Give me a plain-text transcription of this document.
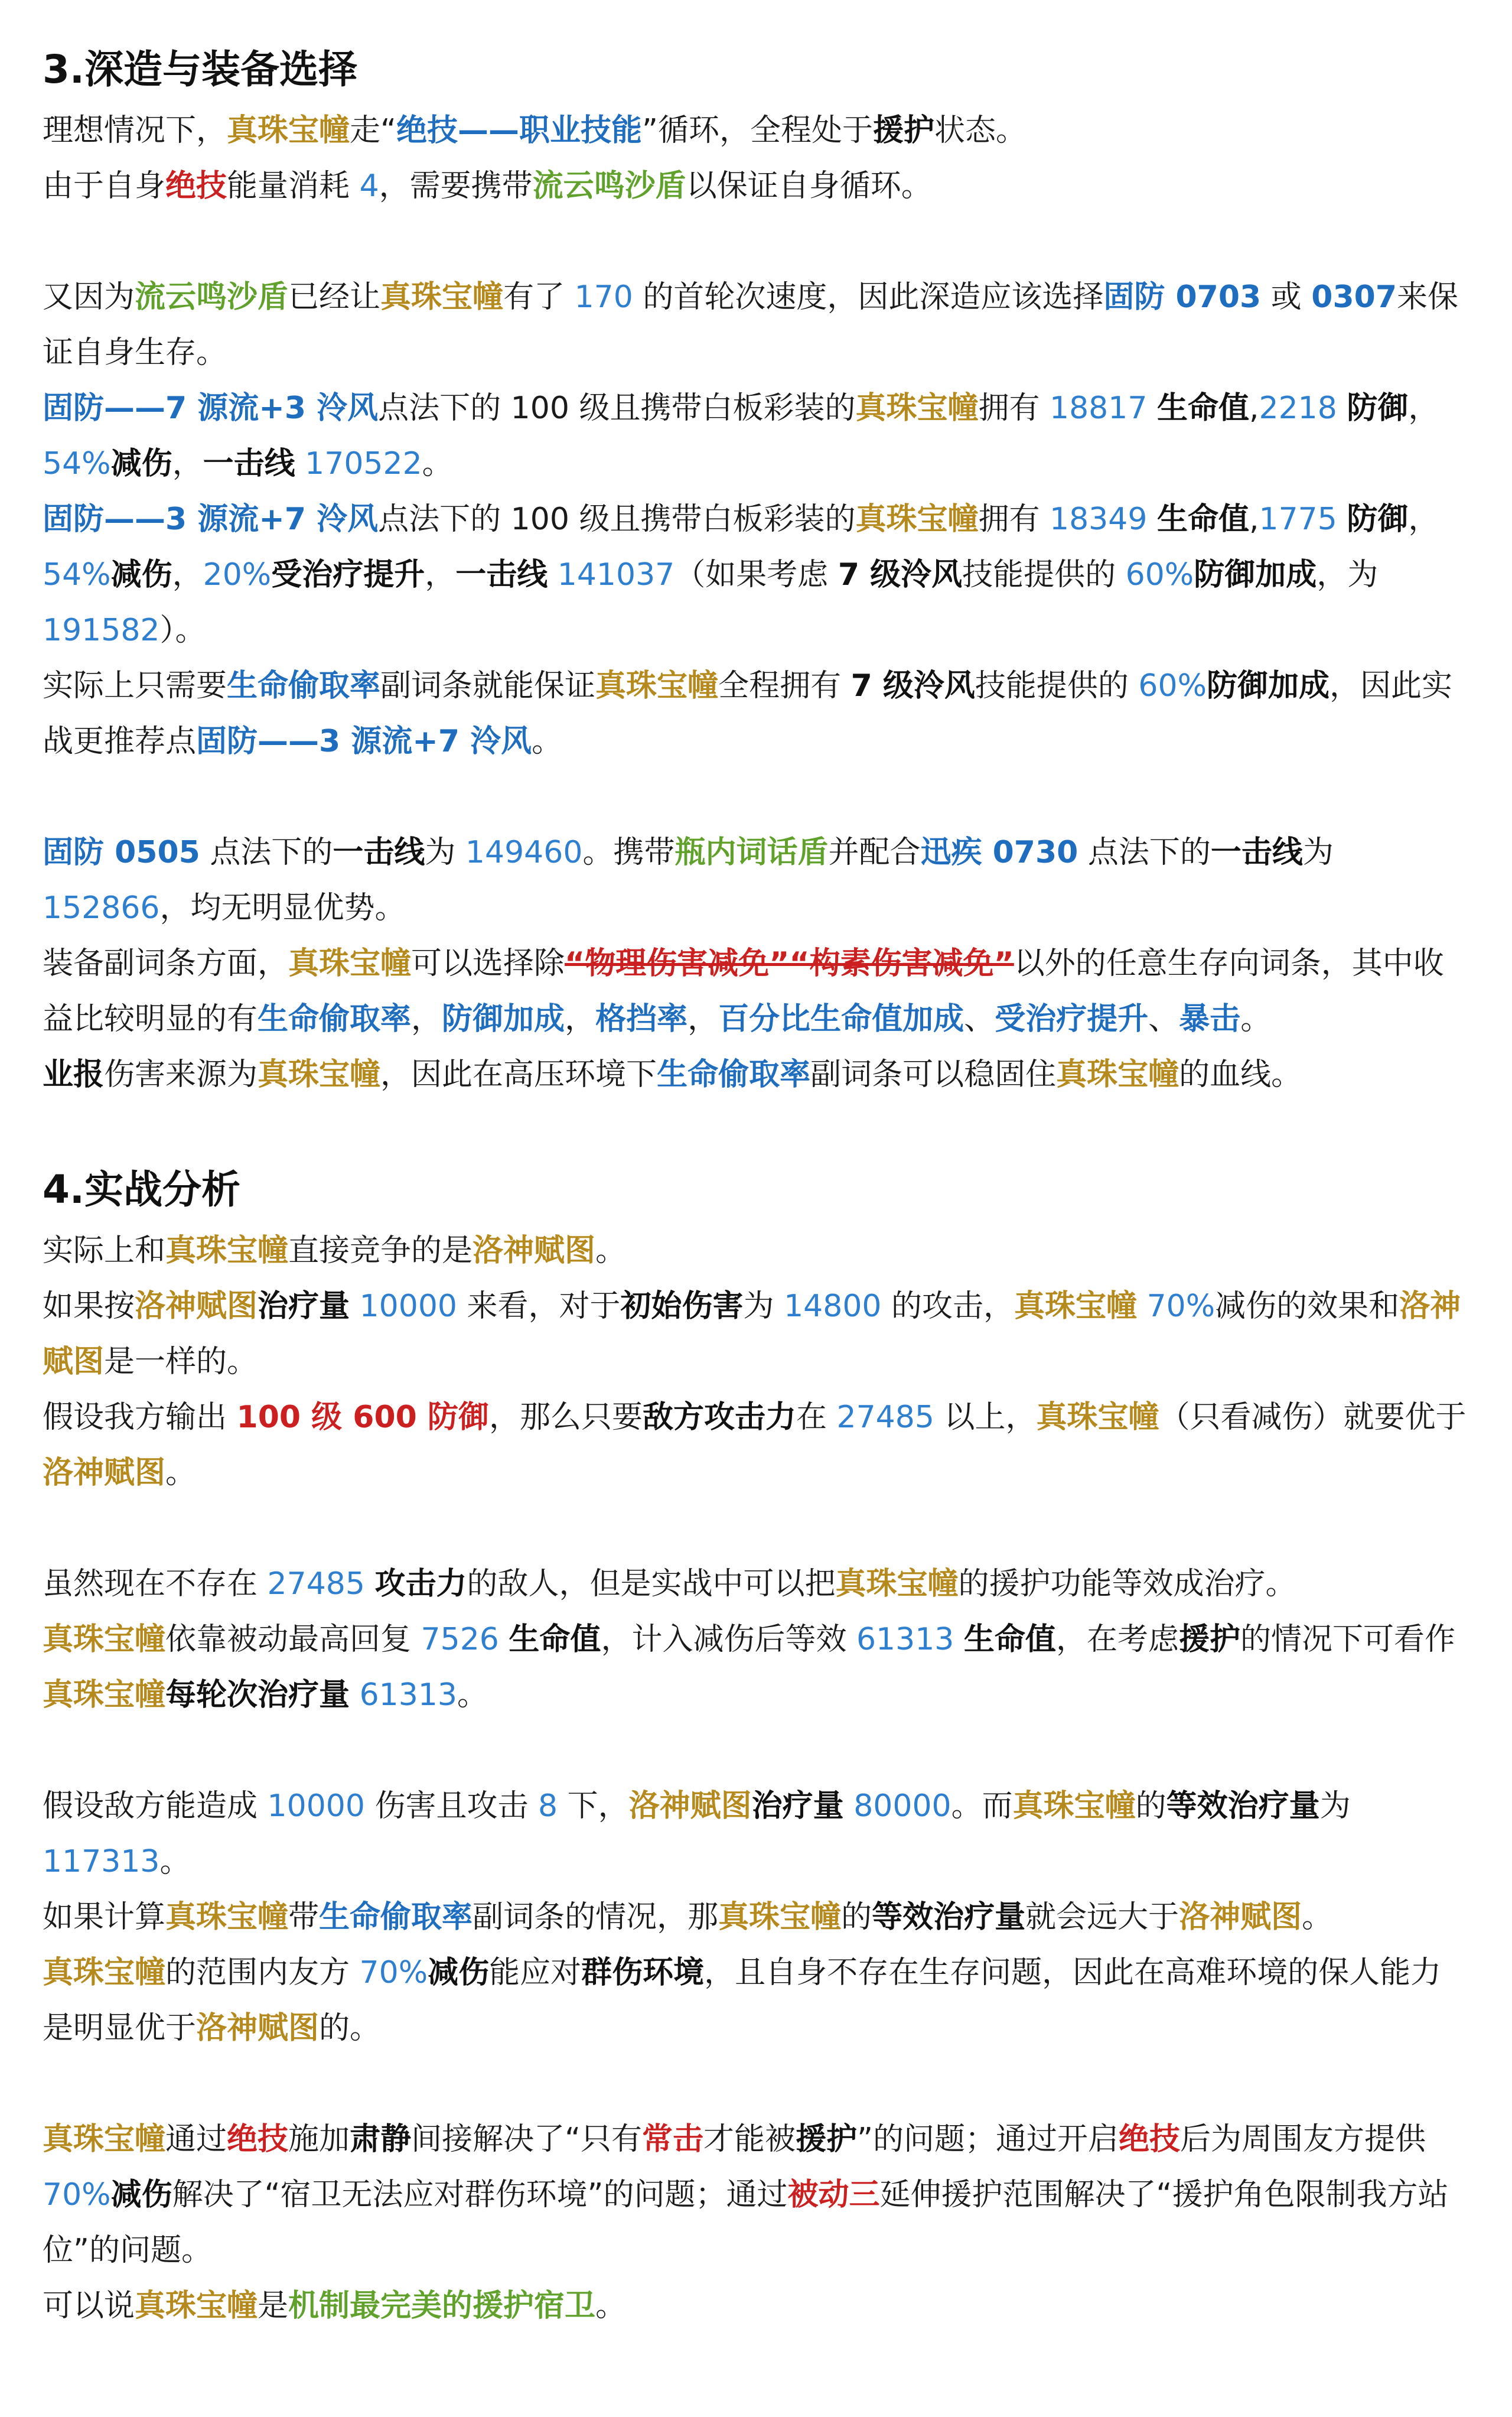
3.深造与装备选择

理想情况下，真珠宝幢走“绝技——职业技能”循环，全程处于援护状态。

由于自身绝技能量消耗 4，需要携带流云鸣沙盾以保证自身循环。

又因为流云鸣沙盾已经让真珠宝幢有了 170 的首轮次速度，因此深造应该选择固防 0703 或 0307来保证自身生存。

固防——7 源流+3 泠风点法下的 100 级且携带白板彩装的真珠宝幢拥有 18817 生命值,2218 防御，54%减伤，一击线 170522。

固防——3 源流+7 泠风点法下的 100 级且携带白板彩装的真珠宝幢拥有 18349 生命值,1775 防御，54%减伤，20%受治疗提升，一击线 141037（如果考虑 7 级泠风技能提供的 60%防御加成，为 191582）。

实际上只需要生命偷取率副词条就能保证真珠宝幢全程拥有 7 级泠风技能提供的 60%防御加成，因此实战更推荐点固防——3 源流+7 泠风。

固防 0505 点法下的一击线为 149460。携带瓶内词话盾并配合迅疾 0730 点法下的一击线为 152866，均无明显优势。

装备副词条方面，真珠宝幢可以选择除“物理伤害减免”“构素伤害减免”以外的任意生存向词条，其中收益比较明显的有生命偷取率，防御加成，格挡率，百分比生命值加成、受治疗提升、暴击。

业报伤害来源为真珠宝幢，因此在高压环境下生命偷取率副词条可以稳固住真珠宝幢的血线。

4.实战分析

实际上和真珠宝幢直接竞争的是洛神赋图。

如果按洛神赋图治疗量 10000 来看，对于初始伤害为 14800 的攻击，真珠宝幢 70%减伤的效果和洛神赋图是一样的。

假设我方输出 100 级 600 防御，那么只要敌方攻击力在 27485 以上，真珠宝幢（只看减伤）就要优于洛神赋图。

虽然现在不存在 27485 攻击力的敌人，但是实战中可以把真珠宝幢的援护功能等效成治疗。

真珠宝幢依靠被动最高回复 7526 生命值，计入减伤后等效 61313 生命值，在考虑援护的情况下可看作真珠宝幢每轮次治疗量 61313。

假设敌方能造成 10000 伤害且攻击 8 下，洛神赋图治疗量 80000。而真珠宝幢的等效治疗量为 117313。

如果计算真珠宝幢带生命偷取率副词条的情况，那真珠宝幢的等效治疗量就会远大于洛神赋图。

真珠宝幢的范围内友方 70%减伤能应对群伤环境，且自身不存在生存问题，因此在高难环境的保人能力是明显优于洛神赋图的。

真珠宝幢通过绝技施加肃静间接解决了“只有常击才能被援护”的问题；通过开启绝技后为周围友方提供 70%减伤解决了“宿卫无法应对群伤环境”的问题；通过被动三延伸援护范围解决了“援护角色限制我方站位”的问题。

可以说真珠宝幢是机制最完美的援护宿卫。
